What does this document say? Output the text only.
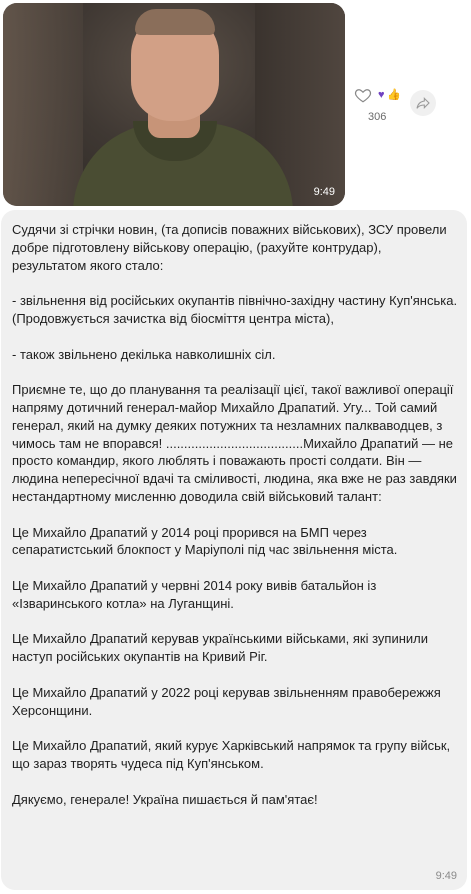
9:49
♥ 👍
306

Судячи зі стрічки новин, (та дописів поважних військових), ЗСУ провели добре підготовлену військову операцію, (рахуйте контрудар), результатом якого стало:

- звільнення від російських окупантів північно-західну частину Куп'янська. (Продовжується зачистка від біосміття центра міста),

- також звільнено декілька навколишніх сіл.

Приємне те, що до планування та реалізації цієї, такої важливої операції напряму дотичний генерал-майор Михайло Драпатий. Угу... Той самий генерал, який на думку деяких потужних та незламних палкваводцев, з чимось там не впорався! ......................................Михайло Драпатий — не просто командир, якого люблять і поважають прості солдати. Він — людина непересічної вдачі та сміливості, людина, яка вже не раз завдяки нестандартному мисленню доводила свій військовий талант:

Це Михайло Драпатий у 2014 році прорився на БМП через сепаратистський блокпост у Маріуполі під час звільнення міста.

Це Михайло Драпатий у червні 2014 року вивів батальйон із «Ізваринського котла» на Луганщині.

Це Михайло Драпатий керував українськими військами, які зупинили наступ російських окупантів на Кривий Ріг.

Це Михайло Драпатий у 2022 році керував звільненням правобережжя Херсонщини.

Це Михайло Драпатий, який курує Харківський напрямок та групу військ, що зараз творять чудеса під Куп'янськом.

Дякуємо, генерале! Україна пишається й пам'ятає!

9:49
